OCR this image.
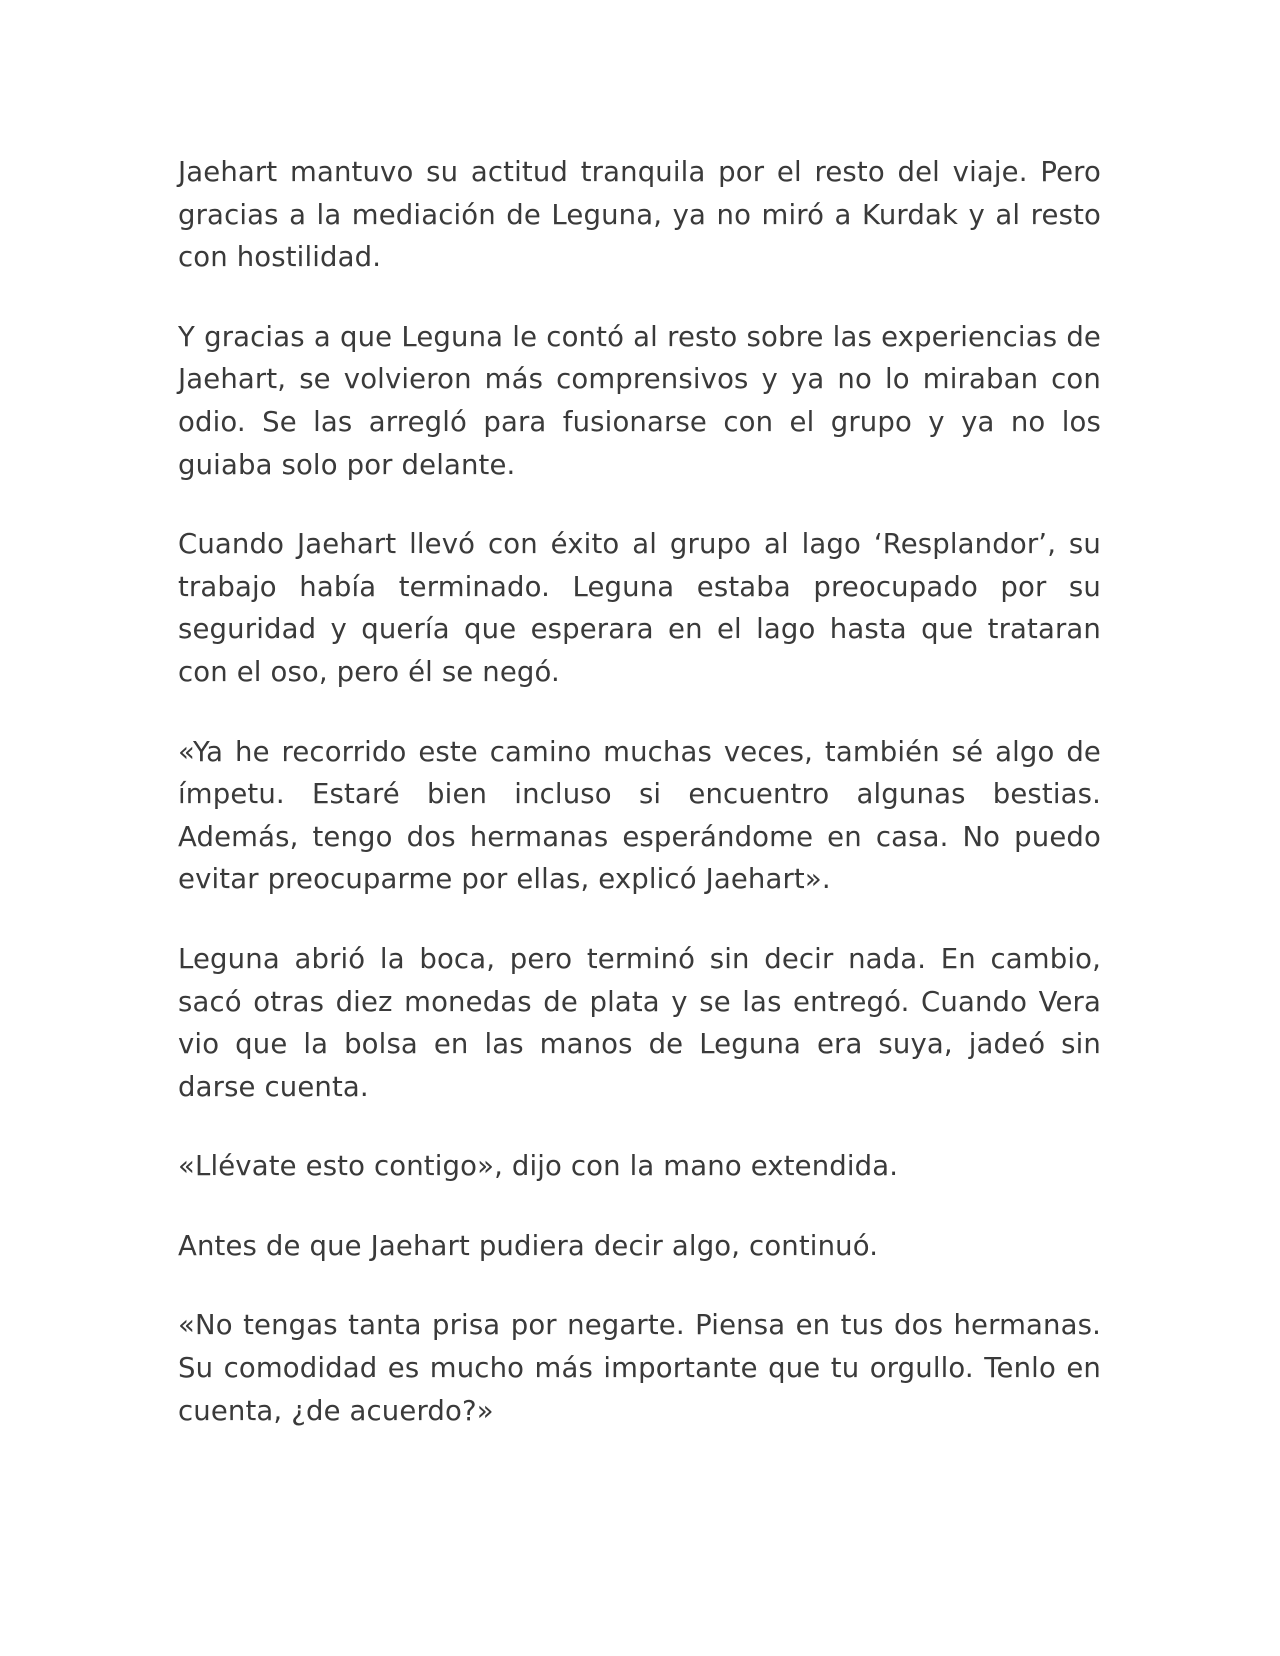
Jaehart mantuvo su actitud tranquila por el resto del viaje. Pero gracias a la mediación de Leguna, ya no miró a Kurdak y al resto con hostilidad.

Y gracias a que Leguna le contó al resto sobre las experiencias de Jaehart, se volvieron más comprensivos y ya no lo miraban con odio. Se las arregló para fusionarse con el grupo y ya no los guiaba solo por delante.

Cuando Jaehart llevó con éxito al grupo al lago ‘Resplandor’, su trabajo había terminado. Leguna estaba preocupado por su seguridad y quería que esperara en el lago hasta que trataran con el oso, pero él se negó.

«Ya he recorrido este camino muchas veces, también sé algo de ímpetu. Estaré bien incluso si encuentro algunas bestias. Además, tengo dos hermanas esperándome en casa. No puedo evitar preocuparme por ellas, explicó Jaehart».

Leguna abrió la boca, pero terminó sin decir nada. En cambio, sacó otras diez monedas de plata y se las entregó. Cuando Vera vio que la bolsa en las manos de Leguna era suya, jadeó sin darse cuenta.

«Llévate esto contigo», dijo con la mano extendida.

Antes de que Jaehart pudiera decir algo, continuó.

«No tengas tanta prisa por negarte. Piensa en tus dos hermanas. Su comodidad es mucho más importante que tu orgullo. Tenlo en cuenta, ¿de acuerdo?»
